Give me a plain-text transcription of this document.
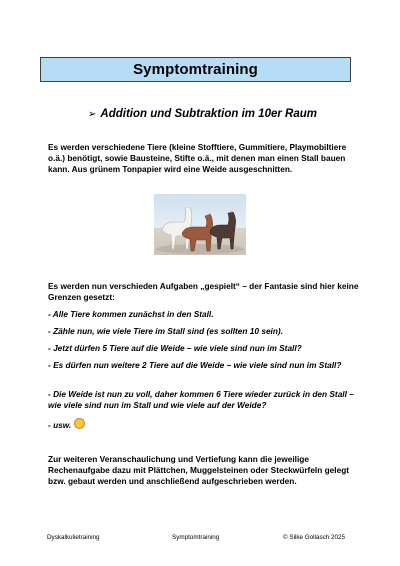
Symptomtraining
➢ Addition und Subtraktion im 10er Raum
Es werden verschiedene Tiere (kleine Stofftiere, Gummitiere, Playmobiltiere o.ä.) benötigt, sowie Bausteine, Stifte o.ä., mit denen man einen Stall bauen kann. Aus grünem Tonpapier wird eine Weide ausgeschnitten.
Es werden nun verschieden Aufgaben „gespielt“ – der Fantasie sind hier keine Grenzen gesetzt:
- Alle Tiere kommen zunächst in den Stall.
- Zähle nun, wie viele Tiere im Stall sind (es sollten 10 sein).
- Jetzt dürfen 5 Tiere auf die Weide – wie viele sind nun im Stall?
- Es dürfen nun weitere 2 Tiere auf die Weide – wie viele sind nun im Stall?
- Die Weide ist nun zu voll, daher kommen 6 Tiere wieder zurück in den Stall – wie viele sind nun im Stall und wie viele auf der Weide?
- usw.
Zur weiteren Veranschaulichung und Vertiefung kann die jeweilige Rechenaufgabe dazu mit Plättchen, Muggelsteinen oder Steckwürfeln gelegt bzw. gebaut werden und anschließend aufgeschrieben werden.
Dyskalkulietraining	Symptomtraining	© Silke Gollasch 2025
